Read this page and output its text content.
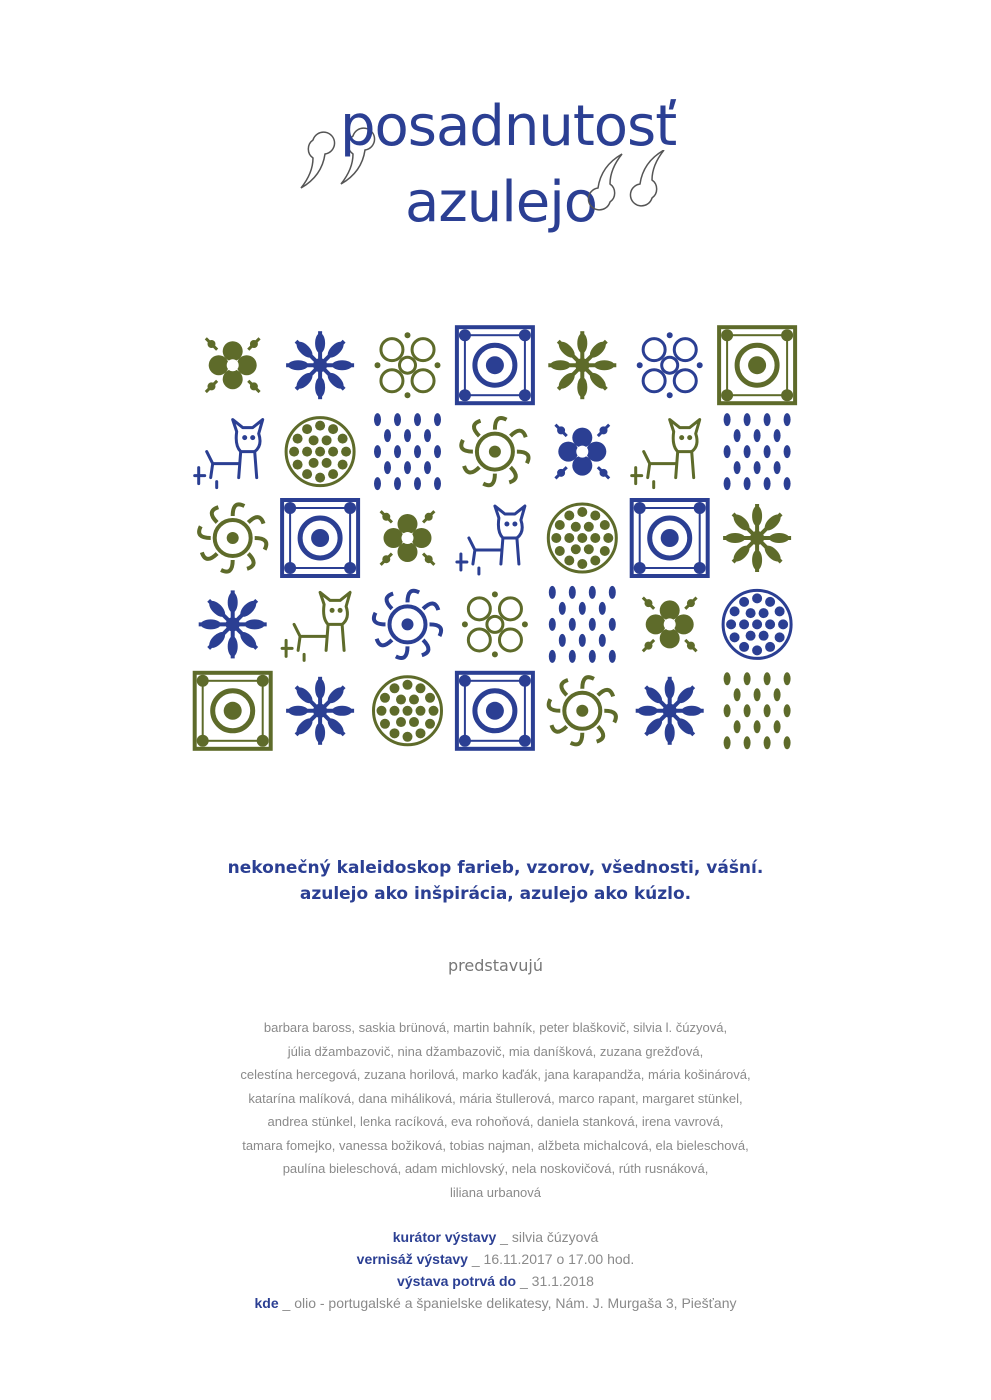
posadnutosť
azulejo
nekonečný kaleidoskop farieb, vzorov, všednosti, vášní.
azulejo ako inšpirácia, azulejo ako kúzlo.
predstavujú
barbara baross, saskia brünová, martin bahník, peter blaškovič, silvia l. čúzyová,
júlia džambazovič, nina džambazovič, mia daníšková, zuzana grežďová,
celestína hercegová, zuzana horilová, marko kaďák, jana karapandža, mária košinárová,
katarína malíková, dana miháliková, mária štullerová, marco rapant, margaret stünkel,
andrea stünkel, lenka racíková, eva rohoňová, daniela stanková, irena vavrová,
tamara fomejko, vanessa božiková, tobias najman, alžbeta michalcová, ela bieleschová,
paulína bieleschová, adam michlovský, nela noskovičová, rúth rusnáková,
liliana urbanová
kurátor výstavy _ silvia čúzyová
vernisáž výstavy _ 16.11.2017 o 17.00 hod.
výstava potrvá do _ 31.1.2018
kde _ olio - portugalské a španielske delikatesy, Nám. J. Murgaša 3, Piešťany
